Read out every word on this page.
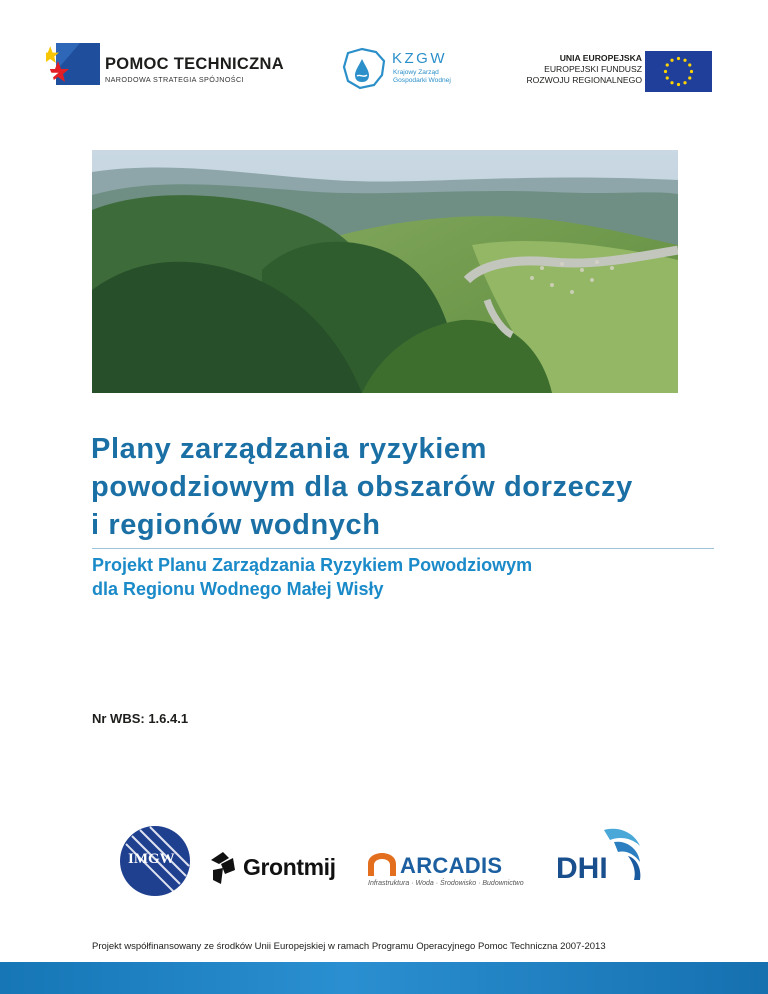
POMOC TECHNICZNA
NARODOWA STRATEGIA SPÓJNOŚCI
KZGW
Krajowy Zarząd
Gospodarki Wodnej
UNIA EUROPEJSKA
EUROPEJSKI FUNDUSZ
ROZWOJU REGIONALNEGO
Plany zarządzania ryzykiem
powodziowym dla obszarów dorzeczy
i regionów wodnych
Projekt Planu Zarządzania Ryzykiem Powodziowym
dla Regionu Wodnego Małej Wisły
Nr WBS: 1.6.4.1
IMGW	Grontmij	ARCADIS
Infrastruktura · Woda · Środowisko · Budownictwo DHI
Projekt współfinansowany ze środków Unii Europejskiej w ramach Programu Operacyjnego Pomoc Techniczna 2007-2013
